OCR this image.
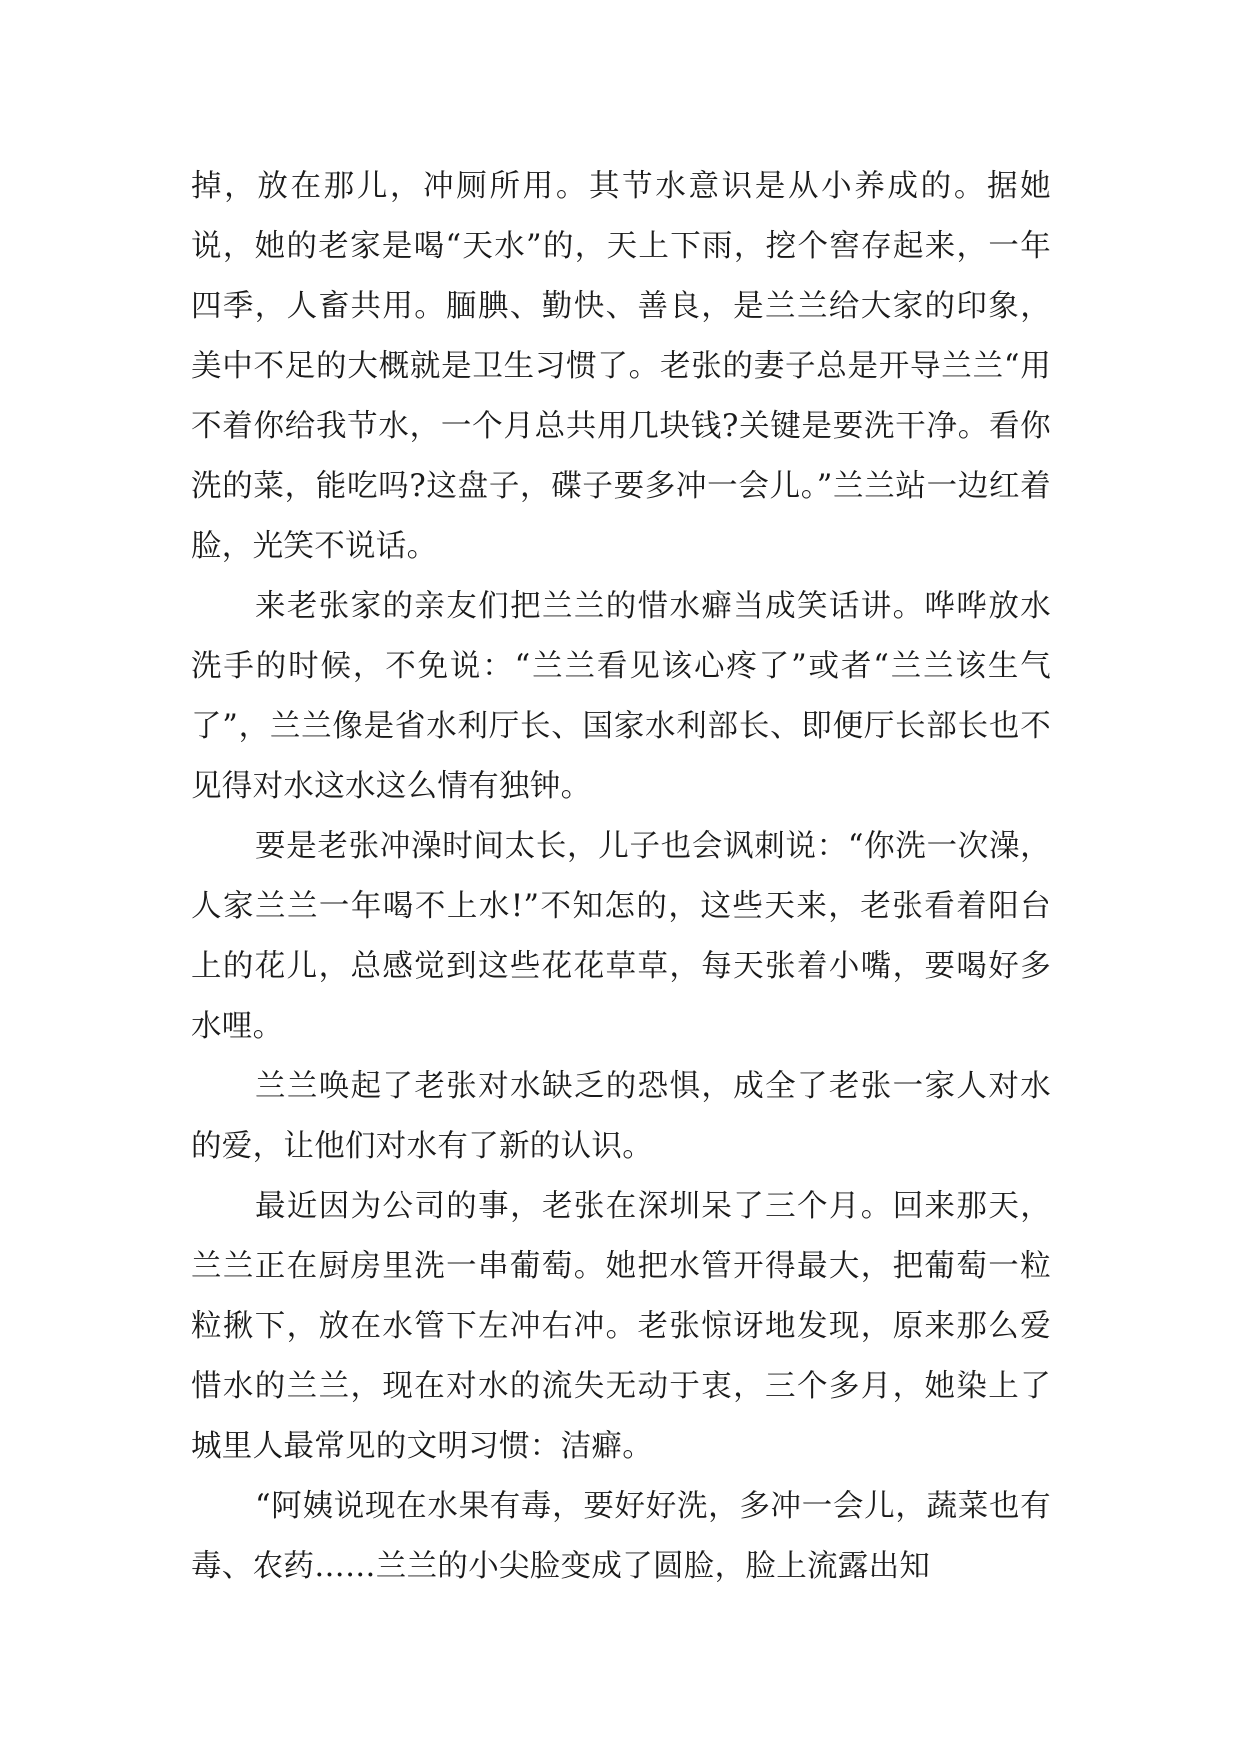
掉，放在那儿，冲厕所用。其节水意识是从小养成的。据她说，她的老家是喝“天水”的，天上下雨，挖个窖存起来，一年四季，人畜共用。腼腆、勤快、善良，是兰兰给大家的印象，美中不足的大概就是卫生习惯了。老张的妻子总是开导兰兰“用不着你给我节水，一个月总共用几块钱?关键是要洗干净。看你洗的菜，能吃吗?这盘子，碟子要多冲一会儿。”兰兰站一边红着脸，光笑不说话。

来老张家的亲友们把兰兰的惜水癖当成笑话讲。哗哗放水洗手的时候，不免说：“兰兰看见该心疼了”或者“兰兰该生气了”，兰兰像是省水利厅长、国家水利部长、即便厅长部长也不见得对水这水这么情有独钟。

要是老张冲澡时间太长，儿子也会讽刺说：“你洗一次澡，人家兰兰一年喝不上水!”不知怎的，这些天来，老张看着阳台上的花儿，总感觉到这些花花草草，每天张着小嘴，要喝好多水哩。

兰兰唤起了老张对水缺乏的恐惧，成全了老张一家人对水的爱，让他们对水有了新的认识。

最近因为公司的事，老张在深圳呆了三个月。回来那天，兰兰正在厨房里洗一串葡萄。她把水管开得最大，把葡萄一粒粒揪下，放在水管下左冲右冲。老张惊讶地发现，原来那么爱惜水的兰兰，现在对水的流失无动于衷，三个多月，她染上了城里人最常见的文明习惯：洁癖。

“阿姨说现在水果有毒，要好好洗，多冲一会儿，蔬菜也有毒、农药……兰兰的小尖脸变成了圆脸，脸上流露出知
